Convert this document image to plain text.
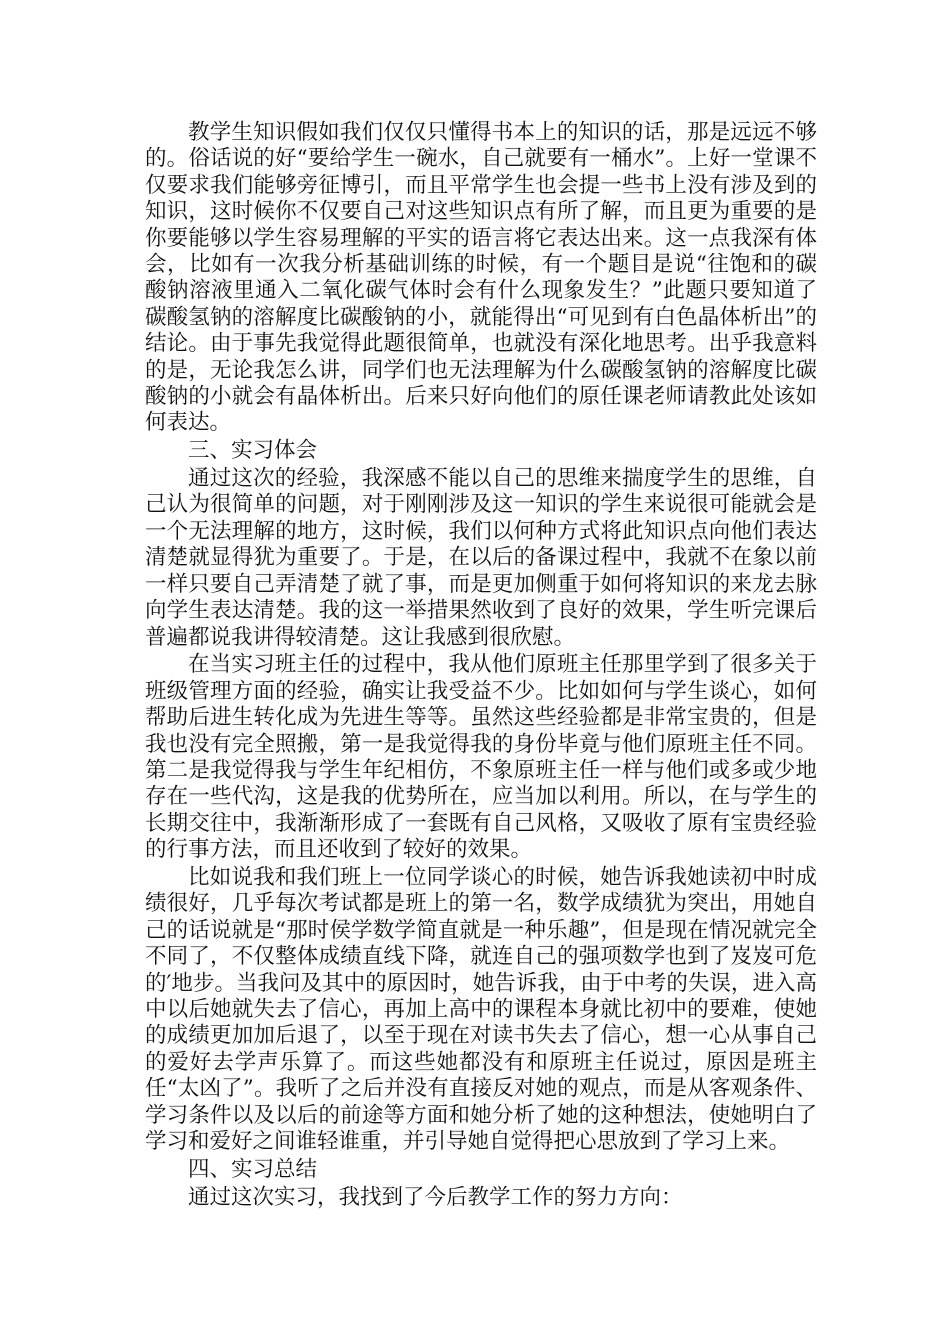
教学生知识假如我们仅仅只懂得书本上的知识的话，那是远远不够的。俗话说的好“要给学生一碗水，自己就要有一桶水”。上好一堂课不仅要求我们能够旁征博引，而且平常学生也会提一些书上没有涉及到的知识，这时候你不仅要自己对这些知识点有所了解，而且更为重要的是你要能够以学生容易理解的平实的语言将它表达出来。这一点我深有体会，比如有一次我分析基础训练的时候，有一个题目是说“往饱和的碳酸钠溶液里通入二氧化碳气体时会有什么现象发生？”此题只要知道了碳酸氢钠的溶解度比碳酸钠的小，就能得出“可见到有白色晶体析出”的结论。由于事先我觉得此题很简单，也就没有深化地思考。出乎我意料的是，无论我怎么讲，同学们也无法理解为什么碳酸氢钠的溶解度比碳酸钠的小就会有晶体析出。后来只好向他们的原任课老师请教此处该如何表达。

三、实习体会

通过这次的经验，我深感不能以自己的思维来揣度学生的思维，自己认为很简单的问题，对于刚刚涉及这一知识的学生来说很可能就会是一个无法理解的地方，这时候，我们以何种方式将此知识点向他们表达清楚就显得犹为重要了。于是，在以后的备课过程中，我就不在象以前一样只要自己弄清楚了就了事，而是更加侧重于如何将知识的来龙去脉向学生表达清楚。我的这一举措果然收到了良好的效果，学生听完课后普遍都说我讲得较清楚。这让我感到很欣慰。

在当实习班主任的过程中，我从他们原班主任那里学到了很多关于班级管理方面的经验，确实让我受益不少。比如如何与学生谈心，如何帮助后进生转化成为先进生等等。虽然这些经验都是非常宝贵的，但是我也没有完全照搬，第一是我觉得我的身份毕竟与他们原班主任不同。第二是我觉得我与学生年纪相仿，不象原班主任一样与他们或多或少地存在一些代沟，这是我的优势所在，应当加以利用。所以，在与学生的长期交往中，我渐渐形成了一套既有自己风格，又吸收了原有宝贵经验的行事方法，而且还收到了较好的效果。

比如说我和我们班上一位同学谈心的时候，她告诉我她读初中时成绩很好，几乎每次考试都是班上的第一名，数学成绩犹为突出，用她自己的话说就是“那时侯学数学简直就是一种乐趣”，但是现在情况就完全不同了，不仅整体成绩直线下降，就连自己的强项数学也到了岌岌可危的′地步。当我问及其中的原因时，她告诉我，由于中考的失误，进入高中以后她就失去了信心，再加上高中的课程本身就比初中的要难，使她的成绩更加加后退了，以至于现在对读书失去了信心，想一心从事自己的爱好去学声乐算了。而这些她都没有和原班主任说过，原因是班主任“太凶了”。我听了之后并没有直接反对她的观点，而是从客观条件、学习条件以及以后的前途等方面和她分析了她的这种想法，使她明白了学习和爱好之间谁轻谁重，并引导她自觉得把心思放到了学习上来。

四、实习总结

通过这次实习，我找到了今后教学工作的努力方向：
